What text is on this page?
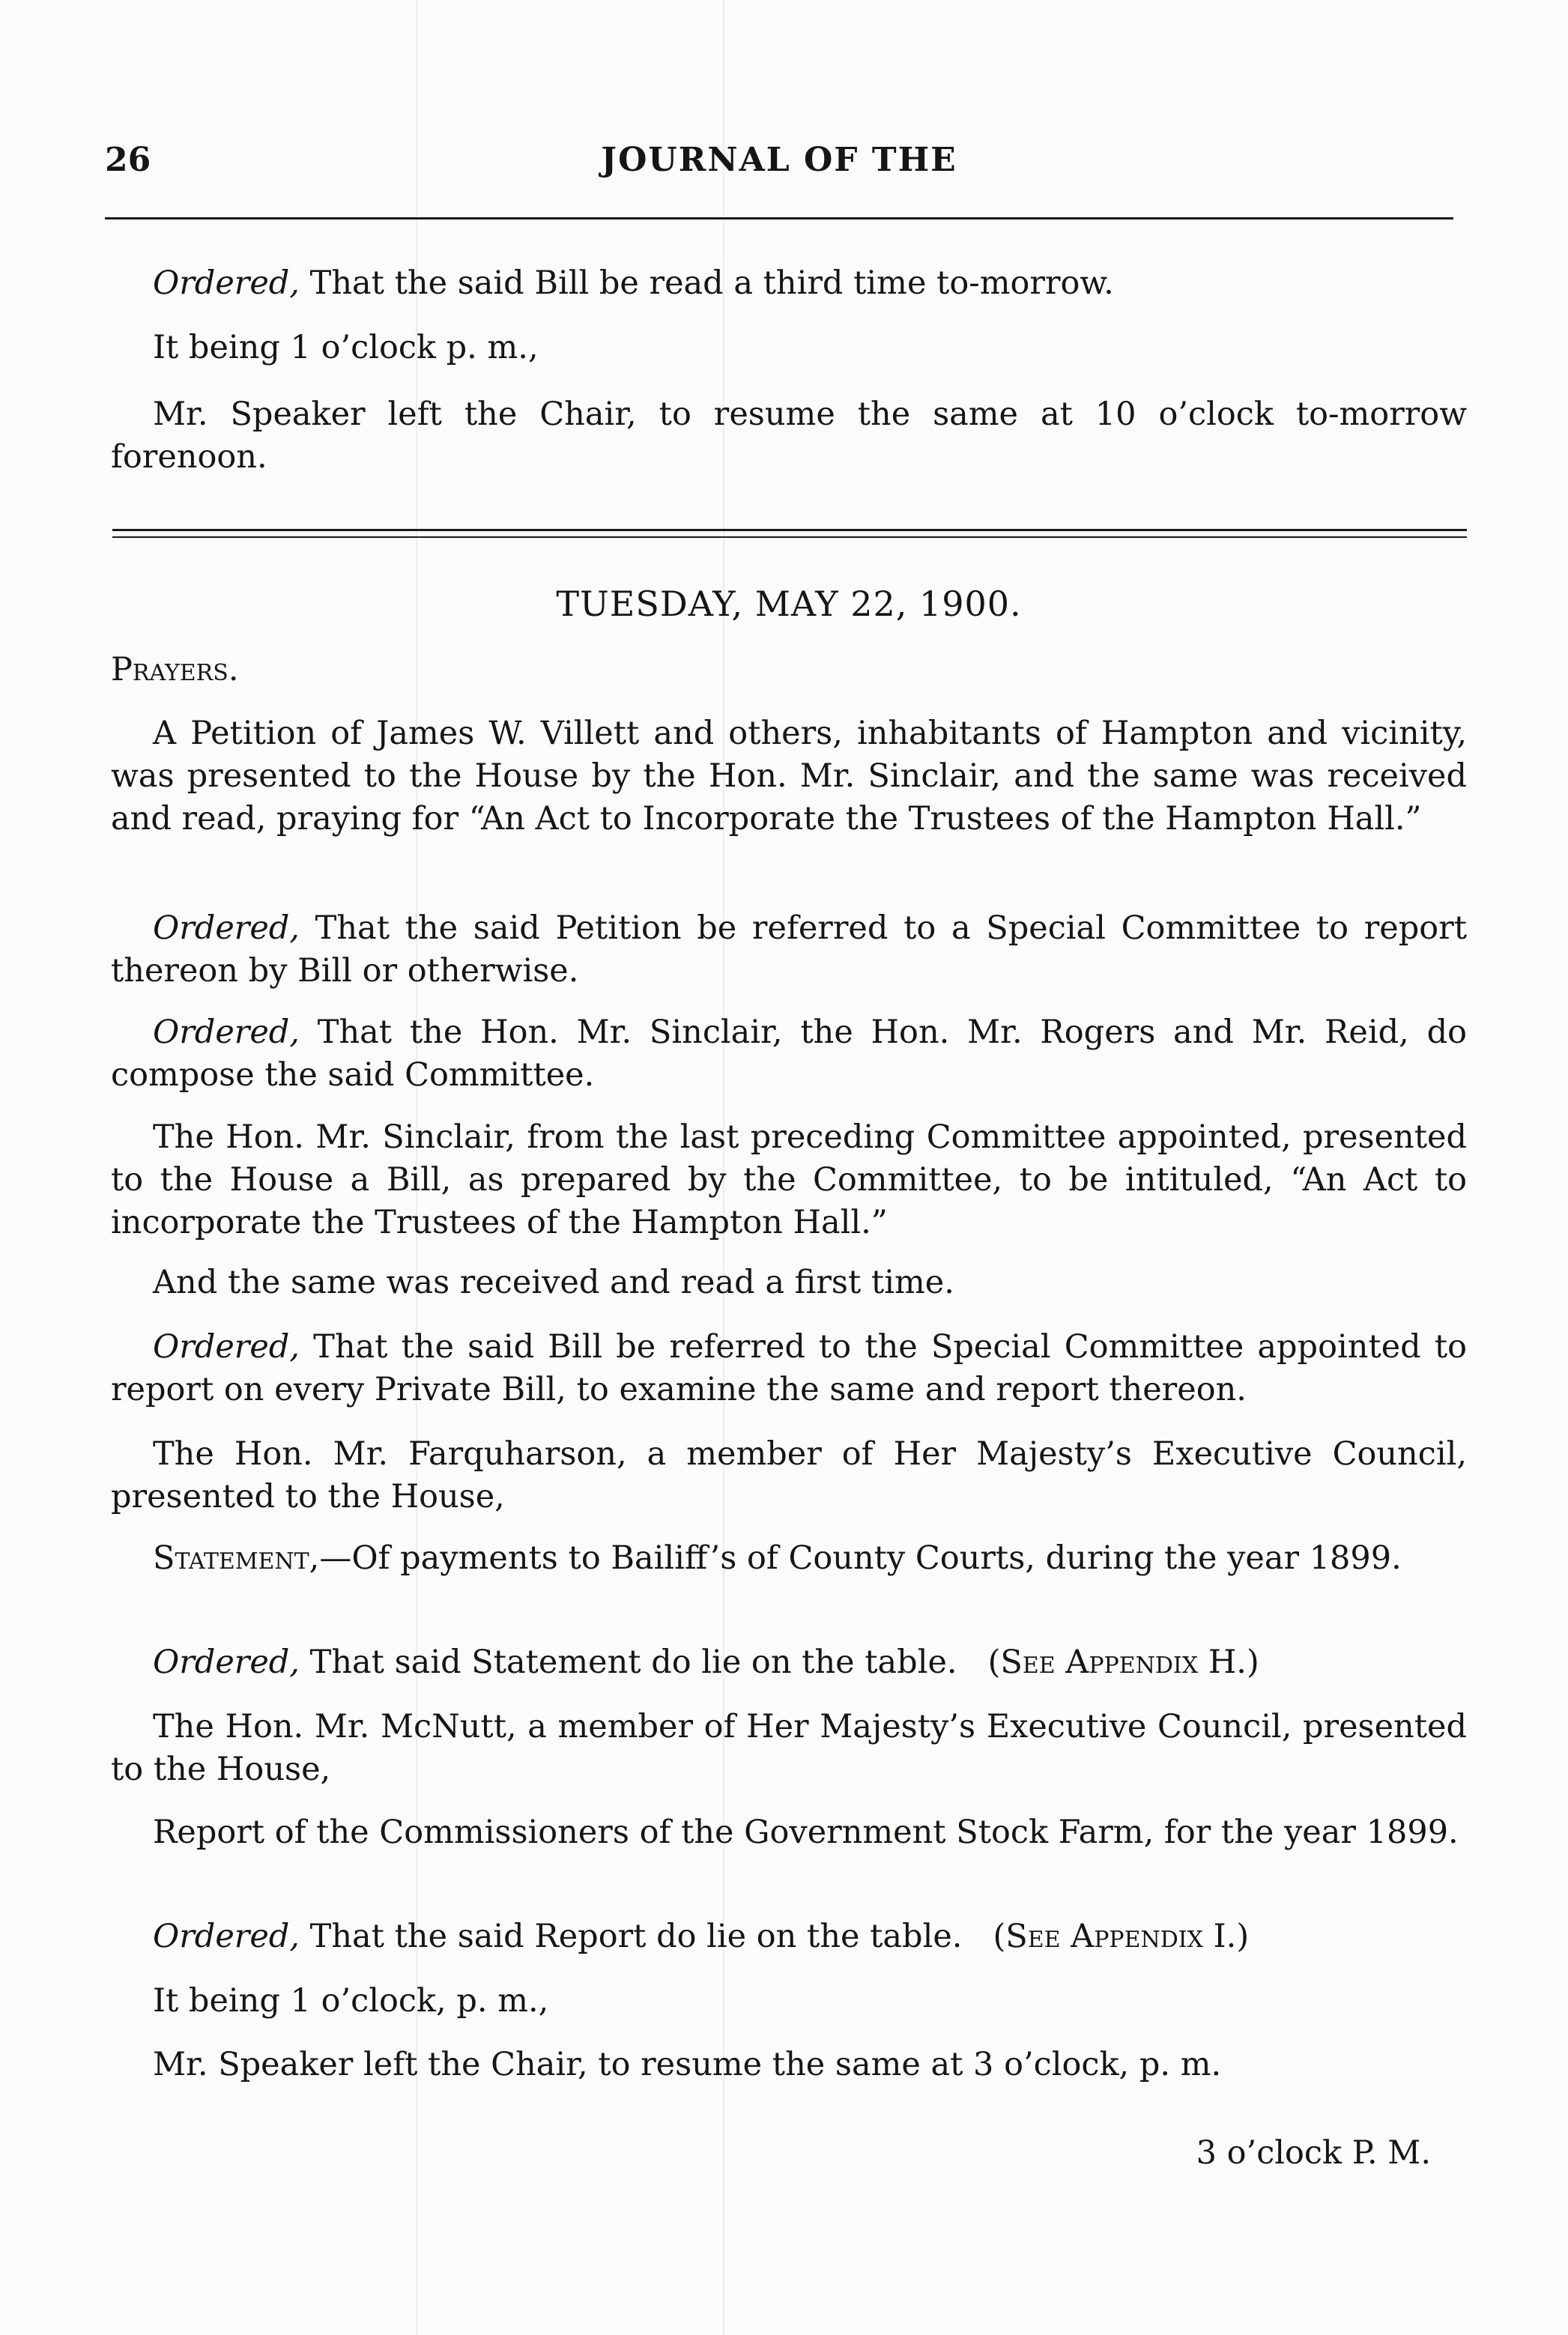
26	JOURNAL OF THE

Ordered, That the said Bill be read a third time to-morrow.

It being 1 o’clock p. m.,

Mr. Speaker left the Chair, to resume the same at 10 o’clock to-morrow forenoon.

TUESDAY, MAY 22, 1900.

Prayers.

A Petition of James W. Villett and others, inhabitants of Hampton and vicinity, was presented to the House by the Hon. Mr. Sinclair, and the same was received and read, praying for “An Act to Incorporate the Trustees of the Hampton Hall.”

Ordered, That the said Petition be referred to a Special Committee to report thereon by Bill or otherwise.

Ordered, That the Hon. Mr. Sinclair, the Hon. Mr. Rogers and Mr. Reid, do compose the said Committee.

The Hon. Mr. Sinclair, from the last preceding Committee appointed, presented to the House a Bill, as prepared by the Committee, to be intituled, “An Act to incorporate the Trustees of the Hampton Hall.”

And the same was received and read a first time.

Ordered, That the said Bill be referred to the Special Committee appointed to report on every Private Bill, to examine the same and report thereon.

The Hon. Mr. Farquharson, a member of Her Majesty’s Executive Council, presented to the House,

Statement,—Of payments to Bailiff’s of County Courts, during the year 1899.

Ordered, That said Statement do lie on the table. (See Appendix H.)

The Hon. Mr. McNutt, a member of Her Majesty’s Executive Council, presented to the House,

Report of the Commissioners of the Government Stock Farm, for the year 1899.

Ordered, That the said Report do lie on the table. (See Appendix I.)

It being 1 o’clock, p. m.,

Mr. Speaker left the Chair, to resume the same at 3 o’clock, p. m.

3 o’clock P. M.
